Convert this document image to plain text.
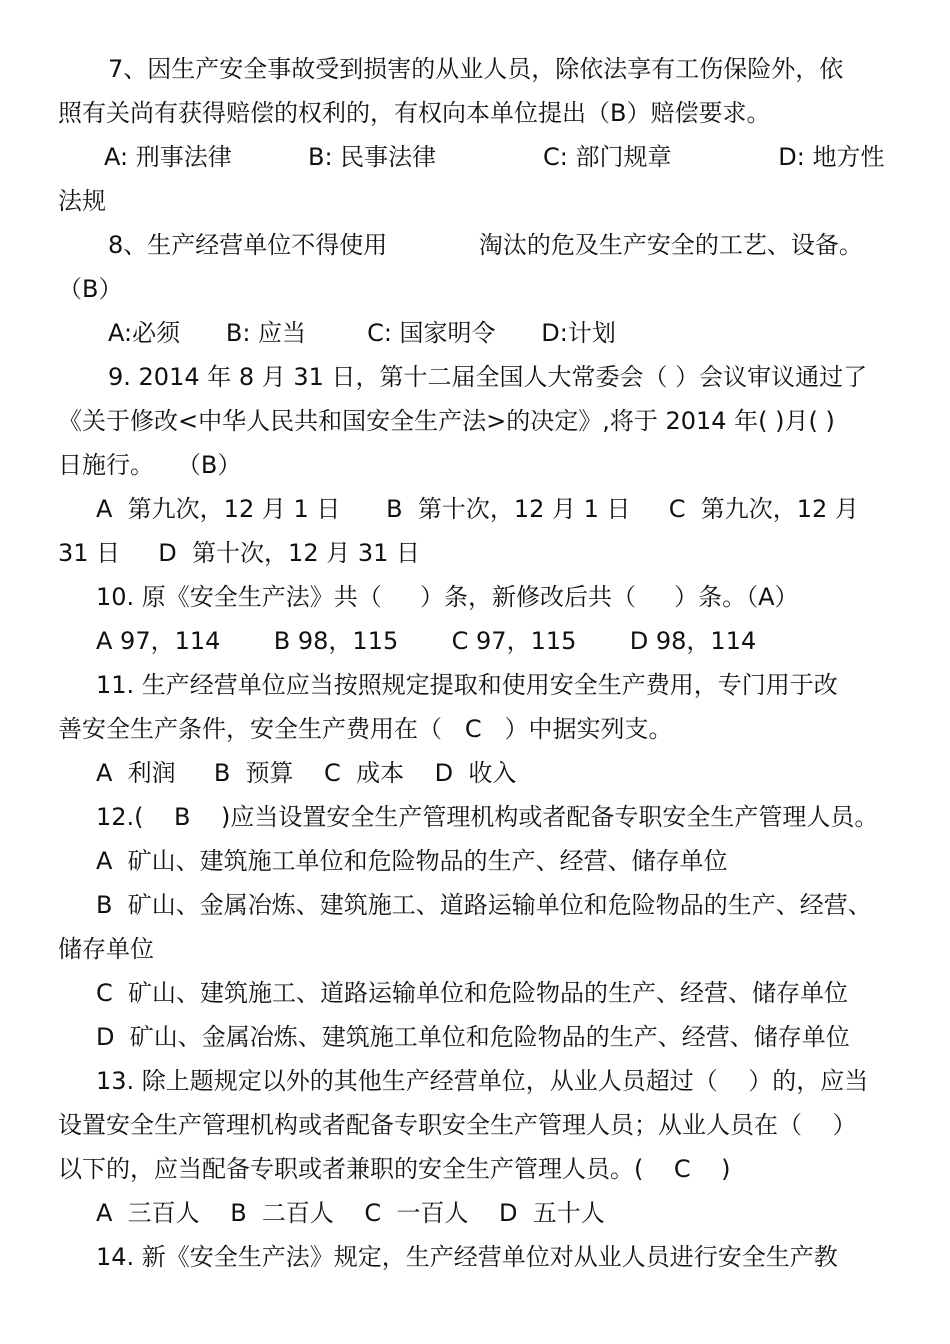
7、因生产安全事故受到损害的从业人员，除依法享有工伤保险外，依
照有关尚有获得赔偿的权利的，有权向本单位提出（B）赔偿要求。
A: 刑事法律          B: 民事法律              C: 部门规章              D: 地方性
法规
8、生产经营单位不得使用            淘汰的危及生产安全的工艺、设备。
（B）
A:必须      B: 应当        C: 国家明令      D:计划
9. 2014 年 8 月 31 日，第十二届全国人大常委会（ ）会议审议通过了
《关于修改<中华人民共和国安全生产法>的决定》,将于 2014 年( )月( )
日施行。   （B）
A  第九次，12 月 1 日      B  第十次，12 月 1 日     C  第九次，12 月
31 日     D  第十次，12 月 31 日
10. 原《安全生产法》共（     ）条，新修改后共（     ）条。（A）
A 97，114       B 98，115       C 97，115       D 98，114
11. 生产经营单位应当按照规定提取和使用安全生产费用，专门用于改
善安全生产条件，安全生产费用在（   C   ）中据实列支。
A  利润     B  预算    C  成本    D  收入
12.(    B    )应当设置安全生产管理机构或者配备专职安全生产管理人员。
A  矿山、建筑施工单位和危险物品的生产、经营、储存单位
B  矿山、金属冶炼、建筑施工、道路运输单位和危险物品的生产、经营、
储存单位
C  矿山、建筑施工、道路运输单位和危险物品的生产、经营、储存单位
D  矿山、金属冶炼、建筑施工单位和危险物品的生产、经营、储存单位
13. 除上题规定以外的其他生产经营单位，从业人员超过（    ）的，应当
设置安全生产管理机构或者配备专职安全生产管理人员；从业人员在（    ）
以下的，应当配备专职或者兼职的安全生产管理人员。(    C    )
A  三百人    B  二百人    C  一百人    D  五十人
14. 新《安全生产法》规定，生产经营单位对从业人员进行安全生产教
